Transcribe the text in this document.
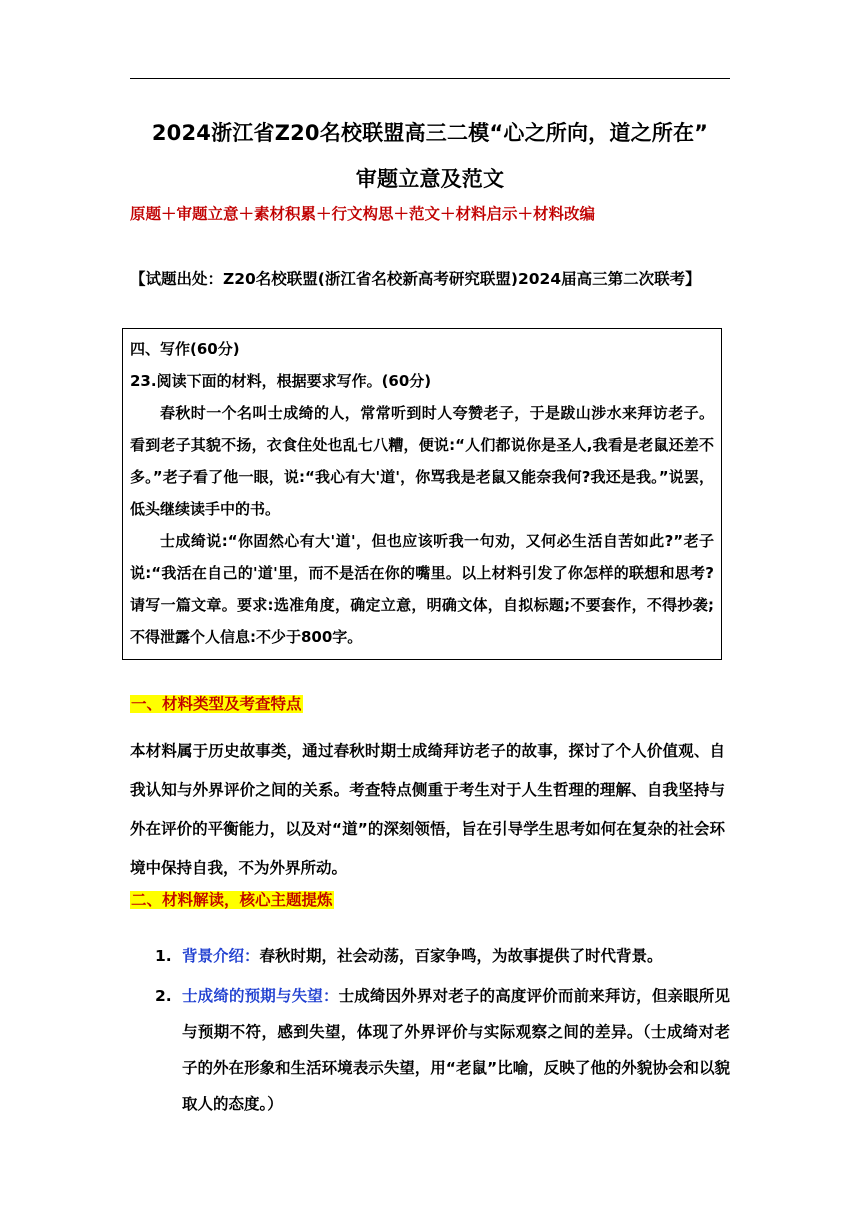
2024浙江省Z20名校联盟高三二模“心之所向，道之所在”
审题立意及范文
原题＋审题立意＋素材积累＋行文构思＋范文＋材料启示＋材料改编
【试题出处：Z20名校联盟(浙江省名校新高考研究联盟)2024届高三第二次联考】

四、写作(60分)

23.阅读下面的材料，根据要求写作。(60分)

春秋时一个名叫士成绮的人，常常听到时人夸赞老子，于是跋山涉水来拜访老子。看到老子其貌不扬，衣食住处也乱七八糟，便说:“人们都说你是圣人,我看是老鼠还差不多。”老子看了他一眼，说:“我心有大'道'，你骂我是老鼠又能奈我何?我还是我。”说罢，低头继续读手中的书。

士成绮说:“你固然心有大'道'，但也应该听我一句劝，又何必生活自苦如此?”老子说:“我活在自己的'道'里，而不是活在你的嘴里。以上材料引发了你怎样的联想和思考?请写一篇文章。要求:选准角度，确定立意，明确文体，自拟标题;不要套作，不得抄袭;不得泄露个人信息:不少于800字。

一、材料类型及考查特点
本材料属于历史故事类，通过春秋时期士成绮拜访老子的故事，探讨了个人价值观、自我认知与外界评价之间的关系。考查特点侧重于考生对于人生哲理的理解、自我坚持与外在评价的平衡能力，以及对“道”的深刻领悟，旨在引导学生思考如何在复杂的社会环境中保持自我，不为外界所动。
二、材料解读，核心主题提炼
1. 背景介绍：春秋时期，社会动荡，百家争鸣，为故事提供了时代背景。
2. 士成绮的预期与失望：士成绮因外界对老子的高度评价而前来拜访，但亲眼所见与预期不符，感到失望，体现了外界评价与实际观察之间的差异。（士成绮对老子的外在形象和生活环境表示失望，用“老鼠”比喻，反映了他的外貌协会和以貌取人的态度。）
